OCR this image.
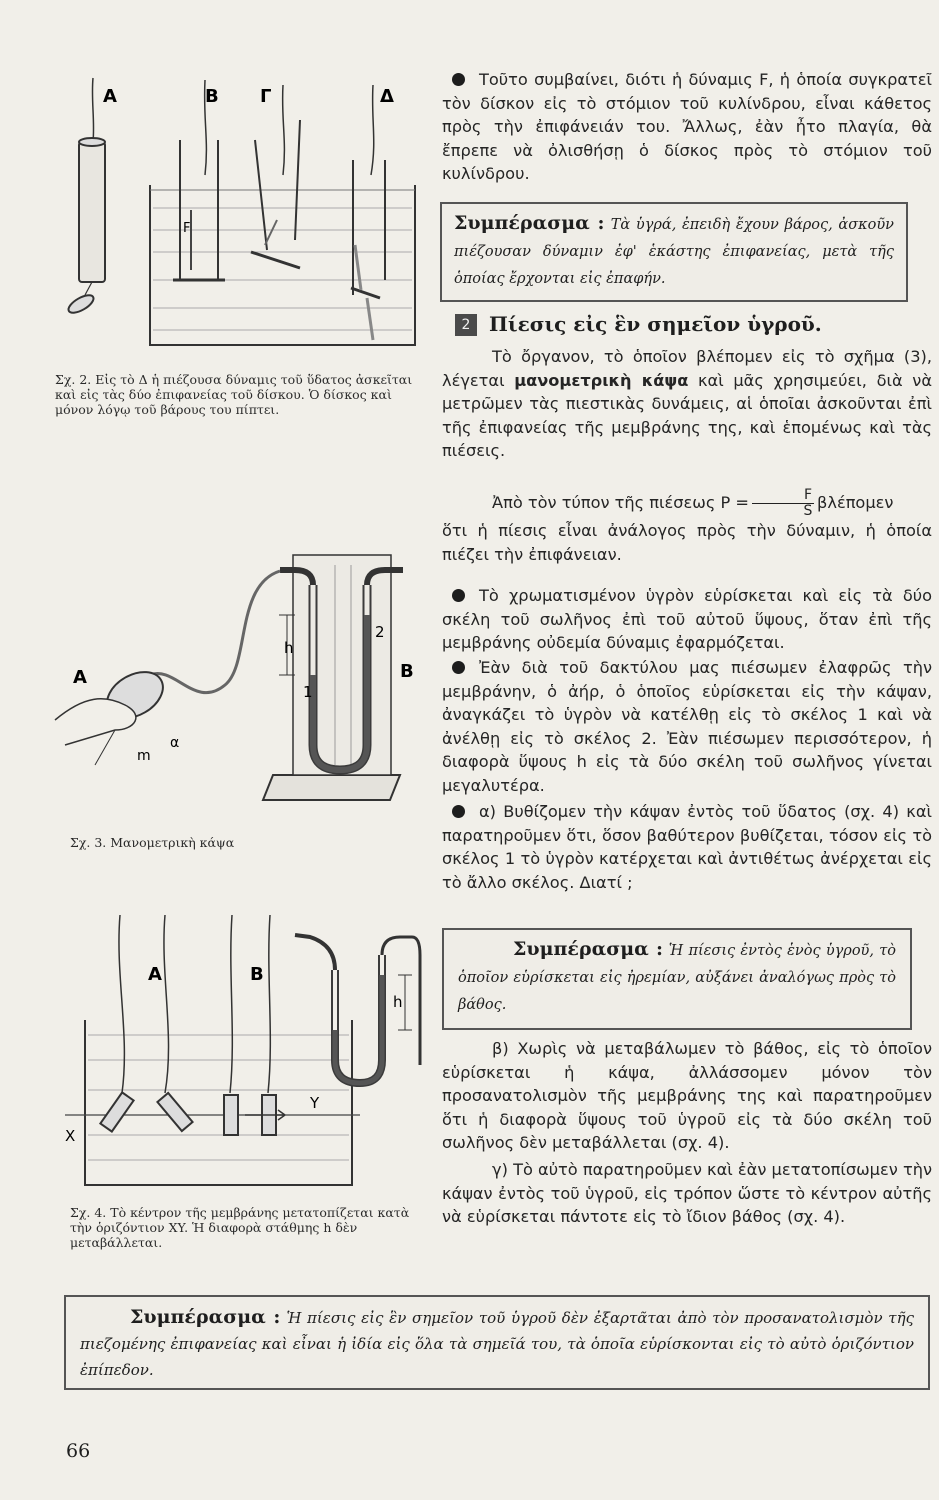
Α	Β Γ	Δ
F
Σχ. 2. Εἰς τὸ Δ ἡ πιέζουσα δύναμις τοῦ ὕδατος ἀσκεῖται καὶ εἰς τὰς δύο ἐπιφανείας τοῦ δίσκου. Ὁ δίσκος καὶ μόνον λόγῳ τοῦ βάρους του πίπτει.
2
h
1
Β
Α
α
m
Σχ. 3. Μανομετρικὴ κάψα
Α	Β
h
X
Y
Σχ. 4. Τὸ κέντρον τῆς μεμβράνης μετατοπίζεται κατὰ τὴν ὁριζόντιον XY. Ἡ διαφορὰ στάθμης h δὲν μεταβάλλεται.

Τοῦτο συμβαίνει, διότι ἡ δύναμις F, ἡ ὁποία συγκρατεῖ τὸν δίσκον εἰς τὸ στόμιον τοῦ κυλίνδρου, εἶναι κάθετος πρὸς τὴν ἐπιφάνειάν του. Ἄλλως, ἐὰν ἦτο πλαγία, θὰ ἔπρεπε νὰ ὀλισθήσῃ ὁ δίσκος πρὸς τὸ στόμιον τοῦ κυλίνδρου.

Συμπέρασμα : Τὰ ὑγρά, ἐπειδὴ ἔχουν βάρος, ἀσκοῦν πιέζουσαν δύναμιν ἐφ' ἑκάστης ἐπιφανείας, μετὰ τῆς ὁποίας ἔρχονται εἰς ἐπαφήν.
2 Πίεσις εἰς ἓν σημεῖον ὑγροῦ.

Τὸ ὄργανον, τὸ ὁποῖον βλέπομεν εἰς τὸ σχῆμα (3), λέγεται μανομετρικὴ κάψα καὶ μᾶς χρησιμεύει, διὰ νὰ μετρῶμεν τὰς πιεστικὰς δυνάμεις, αἱ ὁποῖαι ἀσκοῦνται ἐπὶ τῆς ἐπιφανείας τῆς μεμβράνης της, καὶ ἑπομένως καὶ τὰς πιέσεις.

Ἀπὸ τὸν τύπον τῆς πιέσεως $P = \frac{F}{S}$ βλέπομεν

ὅτι ἡ πίεσις εἶναι ἀνάλογος πρὸς τὴν δύναμιν, ἡ ὁποία πιέζει τὴν ἐπιφάνειαν.

Τὸ χρωματισμένον ὑγρὸν εὑρίσκεται καὶ εἰς τὰ δύο σκέλη τοῦ σωλῆνος ἐπὶ τοῦ αὐτοῦ ὕψους, ὅταν ἐπὶ τῆς μεμβράνης οὐδεμία δύναμις ἐφαρμόζεται.

Ἐὰν διὰ τοῦ δακτύλου μας πιέσωμεν ἐλαφρῶς τὴν μεμβράνην, ὁ ἀήρ, ὁ ὁποῖος εὑρίσκεται εἰς τὴν κάψαν, ἀναγκάζει τὸ ὑγρὸν νὰ κατέλθῃ εἰς τὸ σκέλος 1 καὶ νὰ ἀνέλθῃ εἰς τὸ σκέλος 2. Ἐὰν πιέσωμεν περισσότερον, ἡ διαφορὰ ὕψους h εἰς τὰ δύο σκέλη τοῦ σωλῆνος γίνεται μεγαλυτέρα.

α) Βυθίζομεν τὴν κάψαν ἐντὸς τοῦ ὕδατος (σχ. 4) καὶ παρατηροῦμεν ὅτι, ὅσον βαθύτερον βυθίζεται, τόσον εἰς τὸ σκέλος 1 τὸ ὑγρὸν κατέρχεται καὶ ἀντιθέτως ἀνέρχεται εἰς τὸ ἄλλο σκέλος. Διατί ;

Συμπέρασμα : Ἡ πίεσις ἐντὸς ἑνὸς ὑγροῦ, τὸ ὁποῖον εὑρίσκεται εἰς ἠρεμίαν, αὐξάνει ἀναλόγως πρὸς τὸ βάθος.

β) Χωρὶς νὰ μεταβάλωμεν τὸ βάθος, εἰς τὸ ὁποῖον εὑρίσκεται ἡ κάψα, ἀλλάσσομεν μόνον τὸν προσανατολισμὸν τῆς μεμβράνης της καὶ παρατηροῦμεν ὅτι ἡ διαφορὰ ὕψους τοῦ ὑγροῦ εἰς τὰ δύο σκέλη τοῦ σωλῆνος δὲν μεταβάλλεται (σχ. 4).

γ) Τὸ αὐτὸ παρατηροῦμεν καὶ ἐὰν μετατοπίσωμεν τὴν κάψαν ἐντὸς τοῦ ὑγροῦ, εἰς τρόπον ὥστε τὸ κέντρον αὐτῆς νὰ εὑρίσκεται πάντοτε εἰς τὸ ἴδιον βάθος (σχ. 4).

Συμπέρασμα : Ἡ πίεσις εἰς ἓν σημεῖον τοῦ ὑγροῦ δὲν ἐξαρτᾶται ἀπὸ τὸν προσανατολισμὸν τῆς πιεζομένης ἐπιφανείας καὶ εἶναι ἡ ἰδία εἰς ὅλα τὰ σημεῖά του, τὰ ὁποῖα εὑρίσκονται εἰς τὸ αὐτὸ ὁριζόντιον ἐπίπεδον.
66
